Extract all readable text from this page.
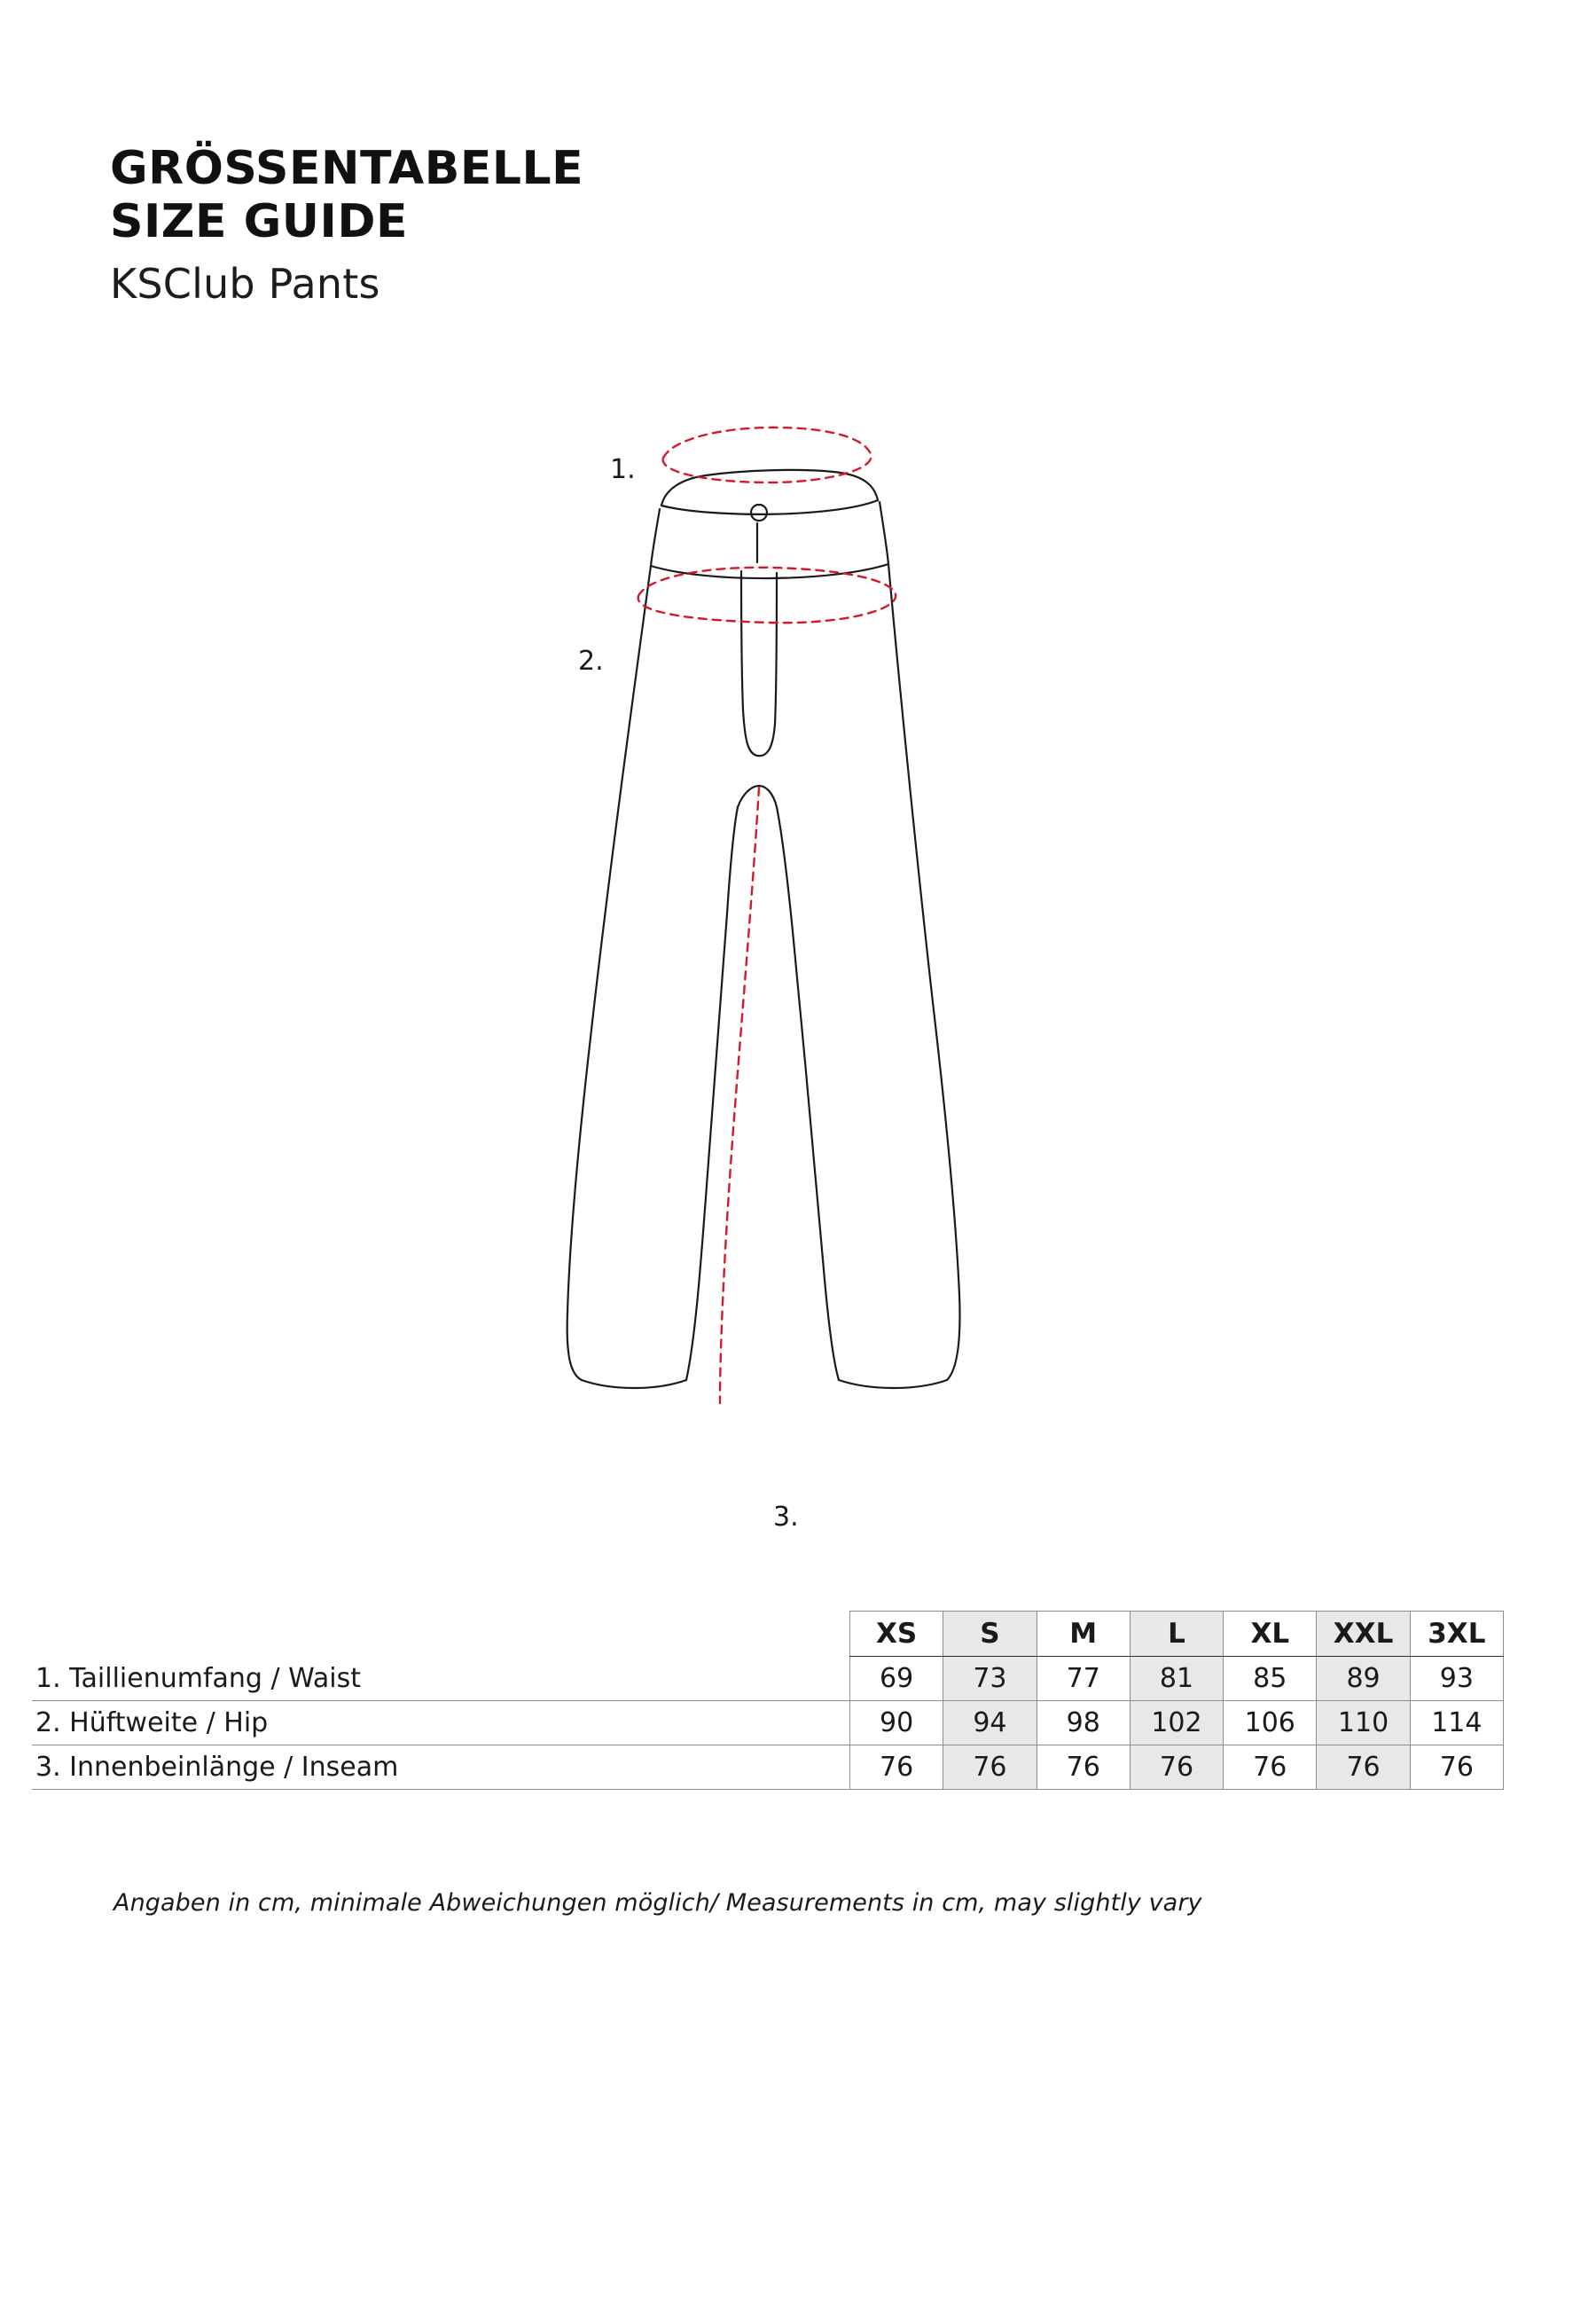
GRÖSSENTABELLE
SIZE GUIDE
KSClub Pants
1.
2.
3.
	XS	S	M	L	XL	XXL	3XL
1. Taillienumfang / Waist	69	73	77	81	85	89	93
2. Hüftweite / Hip	90	94	98	102	106	110	114
3. Innenbeinlänge / Inseam	76	76	76	76	76	76	76
Angaben in cm, minimale Abweichungen möglich/ Measurements in cm, may slightly vary
